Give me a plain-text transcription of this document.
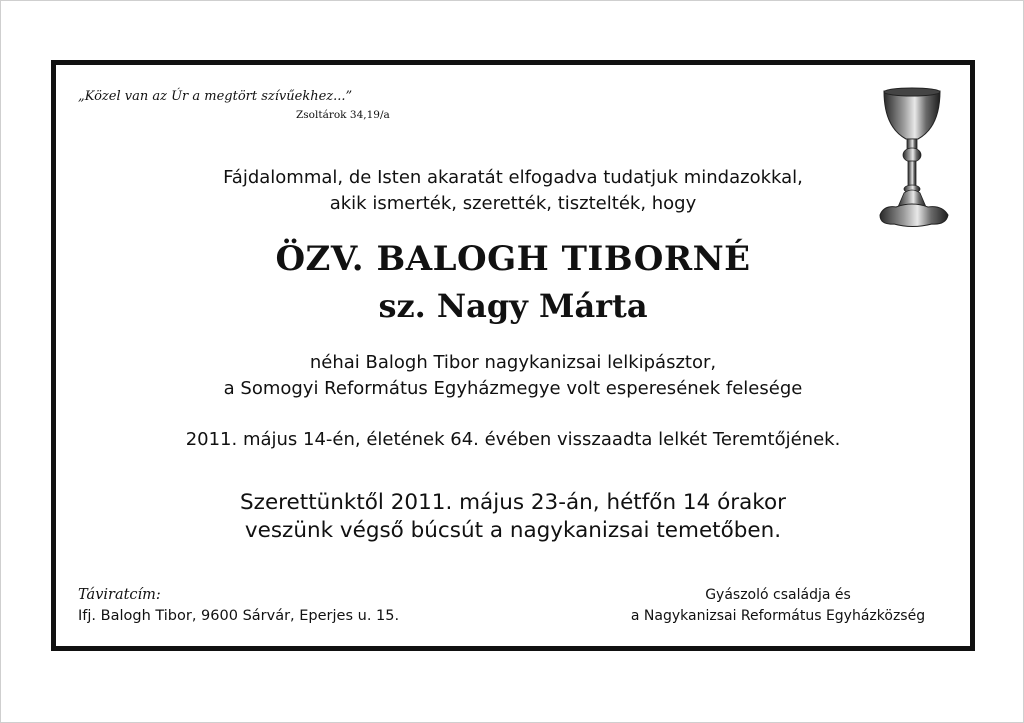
„Közel van az Úr a megtört szívűekhez...”
Zsoltárok 34,19/a
Fájdalommal, de Isten akaratát elfogadva tudatjuk mindazokkal,
akik ismerték, szerették, tisztelték, hogy
ÖZV. BALOGH TIBORNÉ
sz. Nagy Márta
néhai Balogh Tibor nagykanizsai lelkipásztor,
a Somogyi Református Egyházmegye volt esperesének felesége
2011. május 14-én, életének 64. évében visszaadta lelkét Teremtőjének.
Szerettünktől 2011. május 23-án, hétfőn 14 órakor
veszünk végső búcsút a nagykanizsai temetőben.
Táviratcím:
Ifj. Balogh Tibor, 9600 Sárvár, Eperjes u. 15.
Gyászoló családja és
a Nagykanizsai Református Egyházközség
